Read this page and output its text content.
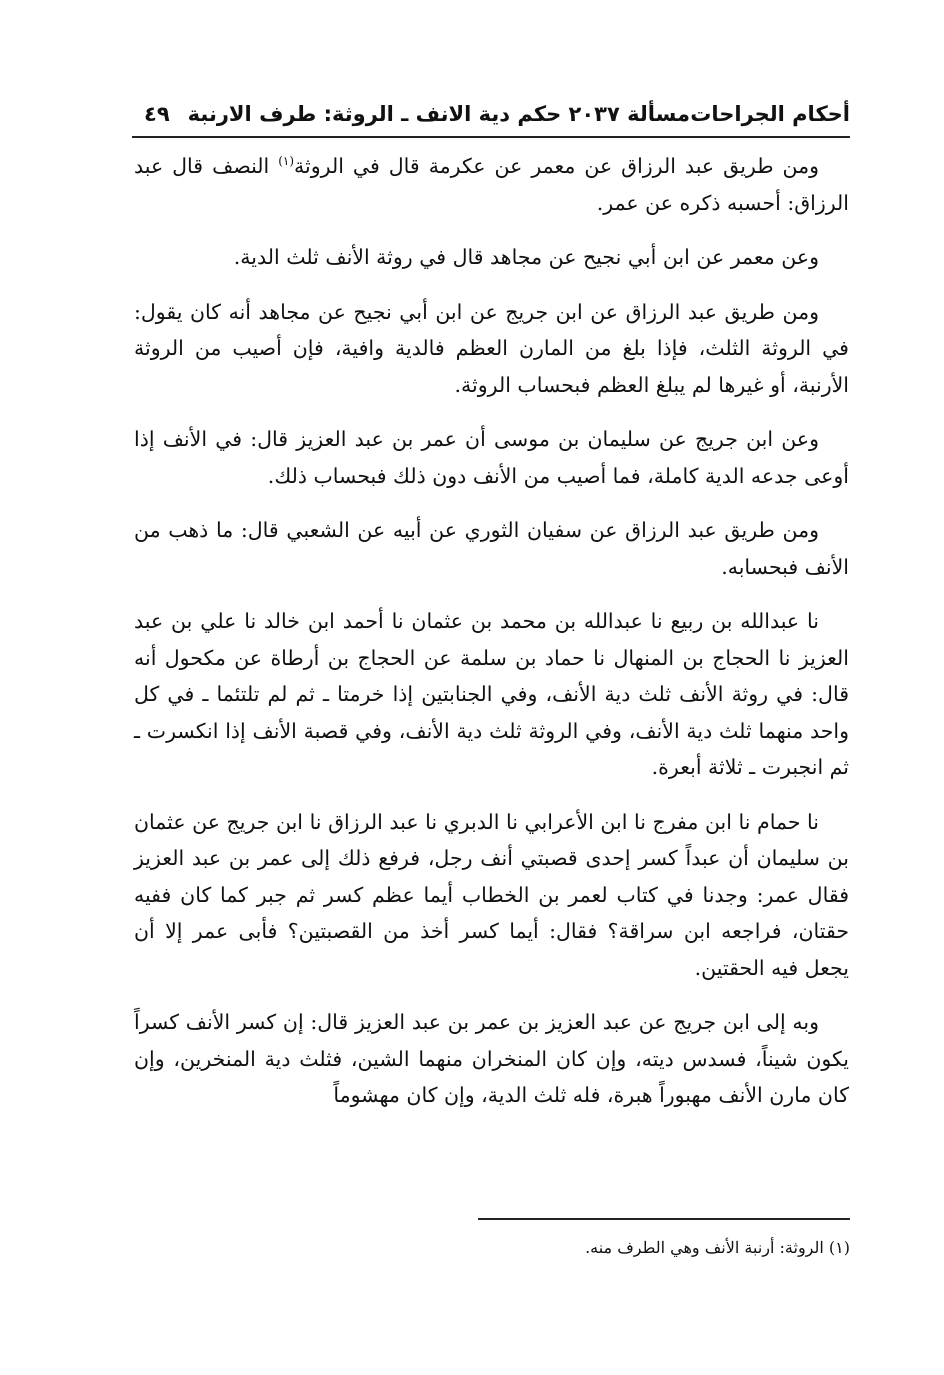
أحكام الجراحات
مسألة ٢٠٣٧ حكم دية الانف ـ الروثة: طرف الارنبة
٤٩

ومن طريق عبد الرزاق عن معمر عن عكرمة قال في الروثة$^{(١)}$ النصف قال عبد الرزاق: أحسبه ذكره عن عمر.

وعن معمر عن ابن أبي نجيح عن مجاهد قال في روثة الأنف ثلث الدية.

ومن طريق عبد الرزاق عن ابن جريج عن ابن أبي نجيح عن مجاهد أنه كان يقول: في الروثة الثلث، فإذا بلغ من المارن العظم فالدية وافية، فإن أصيب من الروثة الأرنبة، أو غيرها لم يبلغ العظم فبحساب الروثة.

وعن ابن جريج عن سليمان بن موسى أن عمر بن عبد العزيز قال: في الأنف إذا أوعى جدعه الدية كاملة، فما أصيب من الأنف دون ذلك فبحساب ذلك.

ومن طريق عبد الرزاق عن سفيان الثوري عن أبيه عن الشعبي قال: ما ذهب من الأنف فبحسابه.

نا عبدالله بن ربيع نا عبدالله بن محمد بن عثمان نا أحمد ابن خالد نا علي بن عبد العزيز نا الحجاج بن المنهال نا حماد بن سلمة عن الحجاج بن أرطاة عن مكحول أنه قال: في روثة الأنف ثلث دية الأنف، وفي الجنابتين إذا خرمتا ـ ثم لم تلتئما ـ في كل واحد منهما ثلث دية الأنف، وفي الروثة ثلث دية الأنف، وفي قصبة الأنف إذا انكسرت ـ ثم انجبرت ـ ثلاثة أبعرة.

نا حمام نا ابن مفرج نا ابن الأعرابي نا الدبري نا عبد الرزاق نا ابن جريج عن عثمان بن سليمان أن عبداً كسر إحدى قصبتي أنف رجل، فرفع ذلك إلى عمر بن عبد العزيز فقال عمر: وجدنا في كتاب لعمر بن الخطاب أيما عظم كسر ثم جبر كما كان ففيه حقتان، فراجعه ابن سراقة؟ فقال: أيما كسر أخذ من القصبتين؟ فأبى عمر إلا أن يجعل فيه الحقتين.

وبه إلى ابن جريج عن عبد العزيز بن عمر بن عبد العزيز قال: إن كسر الأنف كسراً يكون شيناً، فسدس ديته، وإن كان المنخران منهما الشين، فثلث دية المنخرين، وإن كان مارن الأنف مهبوراً هبرة، فله ثلث الدية، وإن كان مهشوماً

(١) الروثة: أرنبة الأنف وهي الطرف منه.
